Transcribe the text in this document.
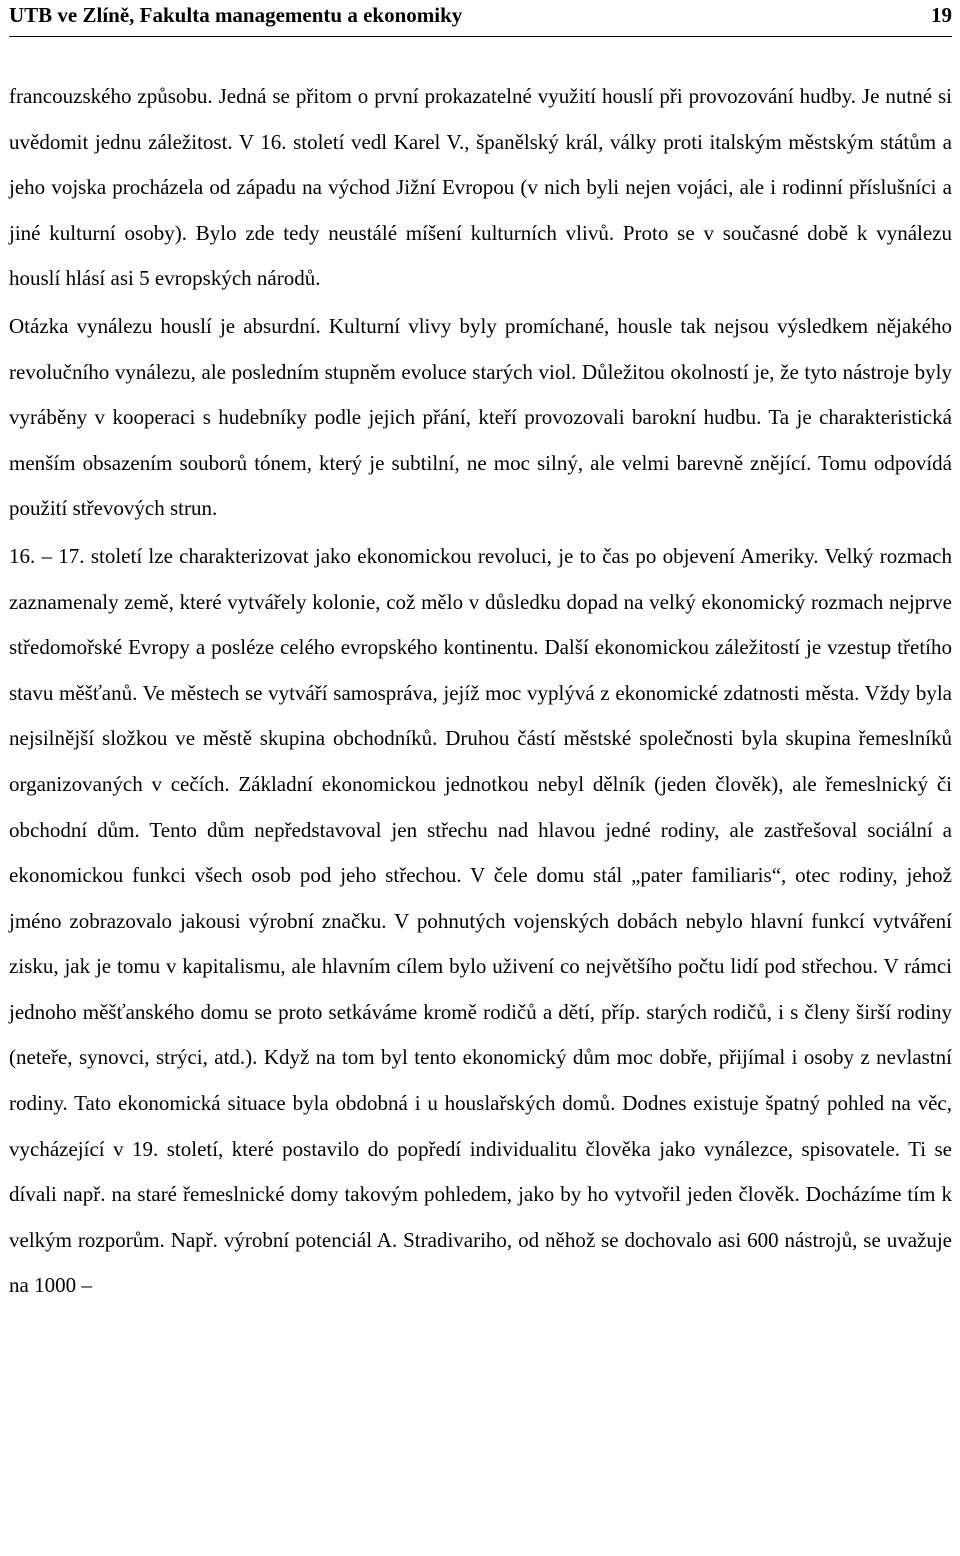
UTB ve Zlíně, Fakulta managementu a ekonomiky	19

francouzského způsobu. Jedná se přitom o první prokazatelné využití houslí při provozování hudby. Je nutné si uvědomit jednu záležitost. V 16. století vedl Karel V., španělský král, války proti italským městským státům a jeho vojska procházela od západu na východ Jižní Evropou (v nich byli nejen vojáci, ale i rodinní příslušníci a jiné kulturní osoby). Bylo zde tedy neustálé míšení kulturních vlivů. Proto se v současné době k vynálezu houslí hlásí asi 5 evropských národů.

Otázka vynálezu houslí je absurdní. Kulturní vlivy byly promíchané, housle tak nejsou výsledkem nějakého revolučního vynálezu, ale posledním stupněm evoluce starých viol. Důležitou okolností je, že tyto nástroje byly vyráběny v kooperaci s hudebníky podle jejich přání, kteří provozovali barokní hudbu. Ta je charakteristická menším obsazením souborů tónem, který je subtilní, ne moc silný, ale velmi barevně znějící. Tomu odpovídá použití střevových strun.

16. – 17. století lze charakterizovat jako ekonomickou revoluci, je to čas po objevení Ameriky. Velký rozmach zaznamenaly země, které vytvářely kolonie, což mělo v důsledku dopad na velký ekonomický rozmach nejprve středomořské Evropy a posléze celého evropského kontinentu. Další ekonomickou záležitostí je vzestup třetího stavu měšťanů. Ve městech se vytváří samospráva, jejíž moc vyplývá z ekonomické zdatnosti města. Vždy byla nejsilnější složkou ve městě skupina obchodníků. Druhou částí městské společnosti byla skupina řemeslníků organizovaných v cečích. Základní ekonomickou jednotkou nebyl dělník (jeden člověk), ale řemeslnický či obchodní dům. Tento dům nepředstavoval jen střechu nad hlavou jedné rodiny, ale zastřešoval sociální a ekonomickou funkci všech osob pod jeho střechou. V čele domu stál „pater familiaris“, otec rodiny, jehož jméno zobrazovalo jakousi výrobní značku. V pohnutých vojenských dobách nebylo hlavní funkcí vytváření zisku, jak je tomu v kapitalismu, ale hlavním cílem bylo uživení co největšího počtu lidí pod střechou. V rámci jednoho měšťanského domu se proto setkáváme kromě rodičů a dětí, příp. starých rodičů, i s členy širší rodiny (neteře, synovci, strýci, atd.). Když na tom byl tento ekonomický dům moc dobře, přijímal i osoby z nevlastní rodiny. Tato ekonomická situace byla obdobná i u houslařských domů. Dodnes existuje špatný pohled na věc, vycházející v 19. století, které postavilo do popředí individualitu člověka jako vynálezce, spisovatele. Ti se dívali např. na staré řemeslnické domy takovým pohledem, jako by ho vytvořil jeden člověk. Docházíme tím k velkým rozporům. Např. výrobní potenciál A. Stradivariho, od něhož se dochovalo asi 600 nástrojů, se uvažuje na 1000 –
